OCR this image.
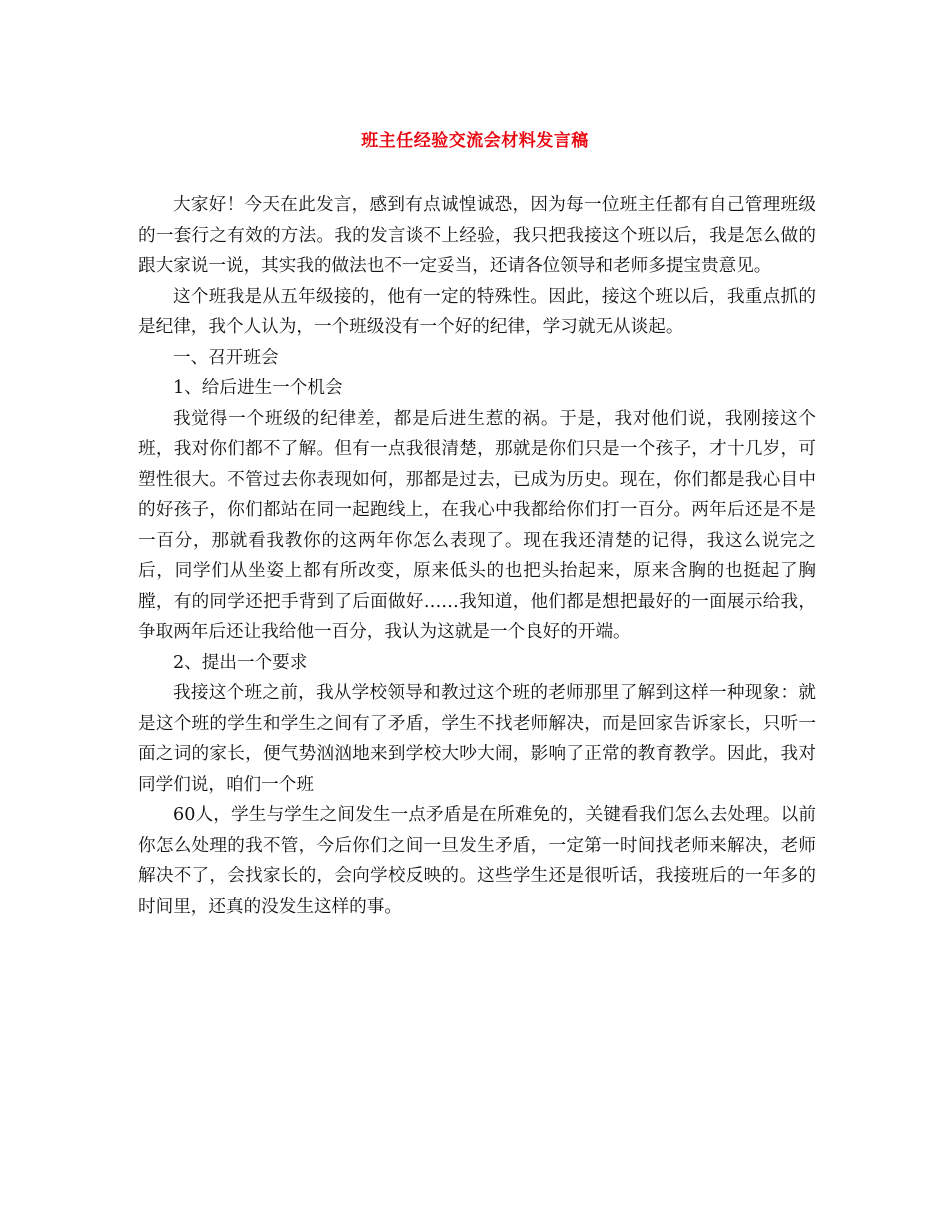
班主任经验交流会材料发言稿

大家好！今天在此发言，感到有点诚惶诚恐，因为每一位班主任都有自己管理班级的一套行之有效的方法。我的发言谈不上经验，我只把我接这个班以后，我是怎么做的跟大家说一说，其实我的做法也不一定妥当，还请各位领导和老师多提宝贵意见。

这个班我是从五年级接的，他有一定的特殊性。因此，接这个班以后，我重点抓的是纪律，我个人认为，一个班级没有一个好的纪律，学习就无从谈起。

一、召开班会

1、给后进生一个机会

我觉得一个班级的纪律差，都是后进生惹的祸。于是，我对他们说，我刚接这个班，我对你们都不了解。但有一点我很清楚，那就是你们只是一个孩子，才十几岁，可塑性很大。不管过去你表现如何，那都是过去，已成为历史。现在，你们都是我心目中的好孩子，你们都站在同一起跑线上，在我心中我都给你们打一百分。两年后还是不是一百分，那就看我教你的这两年你怎么表现了。现在我还清楚的记得，我这么说完之后，同学们从坐姿上都有所改变，原来低头的也把头抬起来，原来含胸的也挺起了胸膛，有的同学还把手背到了后面做好……我知道，他们都是想把最好的一面展示给我，争取两年后还让我给他一百分，我认为这就是一个良好的开端。

2、提出一个要求

我接这个班之前，我从学校领导和教过这个班的老师那里了解到这样一种现象：就是这个班的学生和学生之间有了矛盾，学生不找老师解决，而是回家告诉家长，只听一面之词的家长，便气势汹汹地来到学校大吵大闹，影响了正常的教育教学。因此，我对同学们说，咱们一个班

60人，学生与学生之间发生一点矛盾是在所难免的，关键看我们怎么去处理。以前你怎么处理的我不管，今后你们之间一旦发生矛盾，一定第一时间找老师来解决，老师解决不了，会找家长的，会向学校反映的。这些学生还是很听话，我接班后的一年多的时间里，还真的没发生这样的事。
